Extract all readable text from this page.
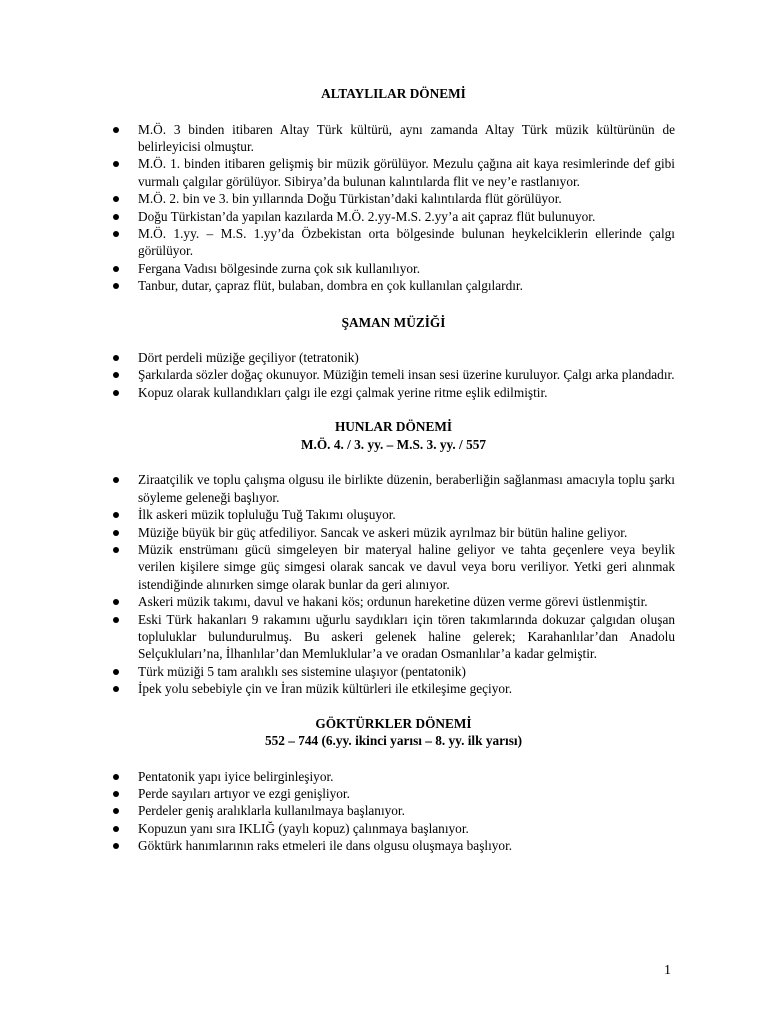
ALTAYLILAR DÖNEMİ
M.Ö. 3 binden itibaren Altay Türk kültürü, aynı zamanda Altay Türk müzik kültürünün de belirleyicisi olmuştur.
M.Ö. 1. binden itibaren gelişmiş bir müzik görülüyor. Mezulu çağına ait kaya resimlerinde def gibi vurmalı çalgılar görülüyor. Sibirya’da bulunan kalıntılarda flit ve ney’e rastlanıyor.
M.Ö. 2. bin ve 3. bin yıllarında Doğu Türkistan’daki kalıntılarda flüt görülüyor.
Doğu Türkistan’da yapılan kazılarda M.Ö. 2.yy-M.S. 2.yy’a ait çapraz flüt bulunuyor.
M.Ö. 1.yy. – M.S. 1.yy’da Özbekistan orta bölgesinde bulunan heykelciklerin ellerinde çalgı görülüyor.
Fergana Vadısı bölgesinde zurna çok sık kullanılıyor.
Tanbur, dutar, çapraz flüt, bulaban, dombra en çok kullanılan çalgılardır.
ŞAMAN MÜZİĞİ
Dört perdeli müziğe geçiliyor (tetratonik)
Şarkılarda sözler doğaç okunuyor. Müziğin temeli insan sesi üzerine kuruluyor. Çalgı arka plandadır.
Kopuz olarak kullandıkları çalgı ile ezgi çalmak yerine ritme eşlik edilmiştir.
HUNLAR DÖNEMİ
M.Ö. 4. / 3. yy. – M.S. 3. yy. / 557
Ziraatçilik ve toplu çalışma olgusu ile birlikte düzenin, beraberliğin sağlanması amacıyla toplu şarkı söyleme geleneği başlıyor.
İlk askeri müzik topluluğu Tuğ Takımı oluşuyor.
Müziğe büyük bir güç atfediliyor. Sancak ve askeri müzik ayrılmaz bir bütün haline geliyor.
Müzik enstrümanı gücü simgeleyen bir materyal haline geliyor ve tahta geçenlere veya beylik verilen kişilere simge güç simgesi olarak sancak ve davul veya boru veriliyor. Yetki geri alınmak istendiğinde alınırken simge olarak bunlar da geri alınıyor.
Askeri müzik takımı, davul ve hakani kös; ordunun hareketine düzen verme görevi üstlenmiştir.
Eski Türk hakanları 9 rakamını uğurlu saydıkları için tören takımlarında dokuzar çalgıdan oluşan topluluklar bulundurulmuş. Bu askeri gelenek haline gelerek; Karahanlılar’dan Anadolu Selçukluları’na, İlhanlılar’dan Memluklular’a ve oradan Osmanlılar’a kadar gelmiştir.
Türk müziği 5 tam aralıklı ses sistemine ulaşıyor (pentatonik)
İpek yolu sebebiyle çin ve İran müzik kültürleri ile etkileşime geçiyor.
GÖKTÜRKLER DÖNEMİ
552 – 744 (6.yy. ikinci yarısı – 8. yy. ilk yarısı)
Pentatonik yapı iyice belirginleşiyor.
Perde sayıları artıyor ve ezgi genişliyor.
Perdeler geniş aralıklarla kullanılmaya başlanıyor.
Kopuzun yanı sıra IKLIĞ (yaylı kopuz) çalınmaya başlanıyor.
Göktürk hanımlarının raks etmeleri ile dans olgusu oluşmaya başlıyor.
1
